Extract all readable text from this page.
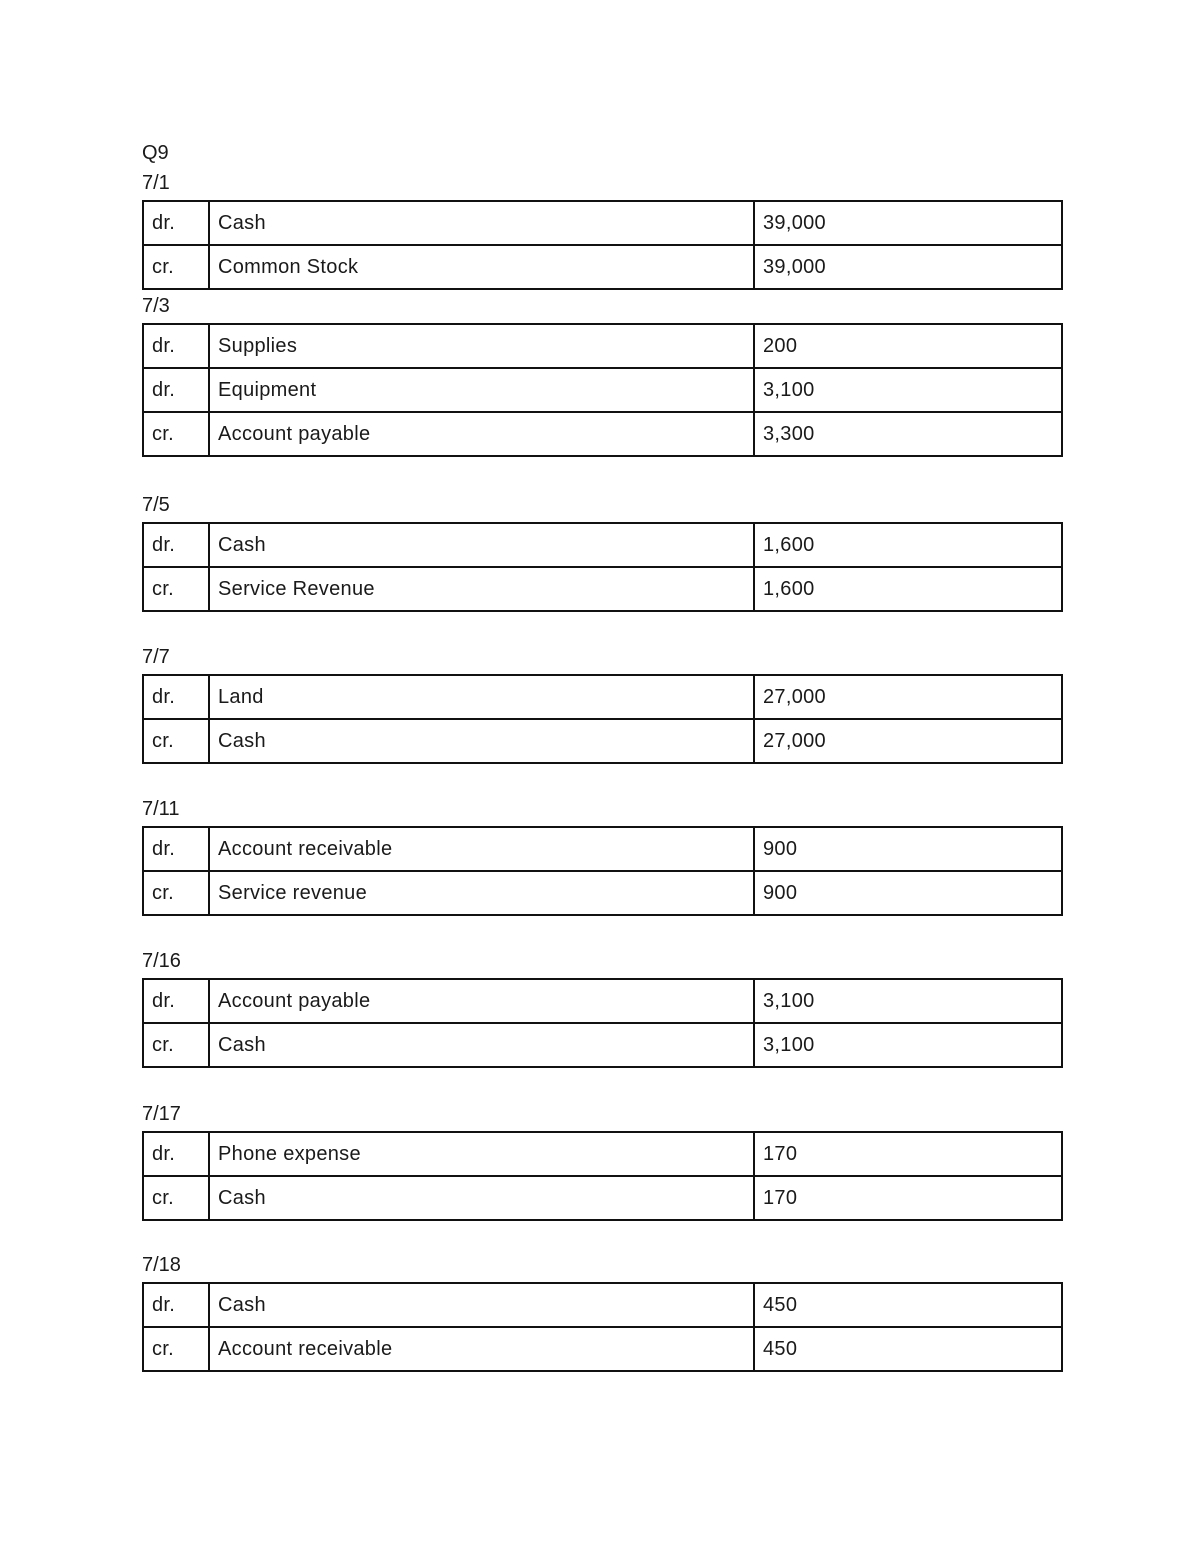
Q9
7/1
dr.	Cash	39,000
cr.	Common Stock	39,000
7/3
dr.	Supplies	200
dr.	Equipment	3,100
cr.	Account payable	3,300
7/5
dr.	Cash	1,600
cr.	Service Revenue	1,600
7/7
dr.	Land	27,000
cr.	Cash	27,000
7/11
dr.	Account receivable	900
cr.	Service revenue	900
7/16
dr.	Account payable	3,100
cr.	Cash	3,100
7/17
dr.	Phone expense	170
cr.	Cash	170
7/18
dr.	Cash	450
cr.	Account receivable	450
